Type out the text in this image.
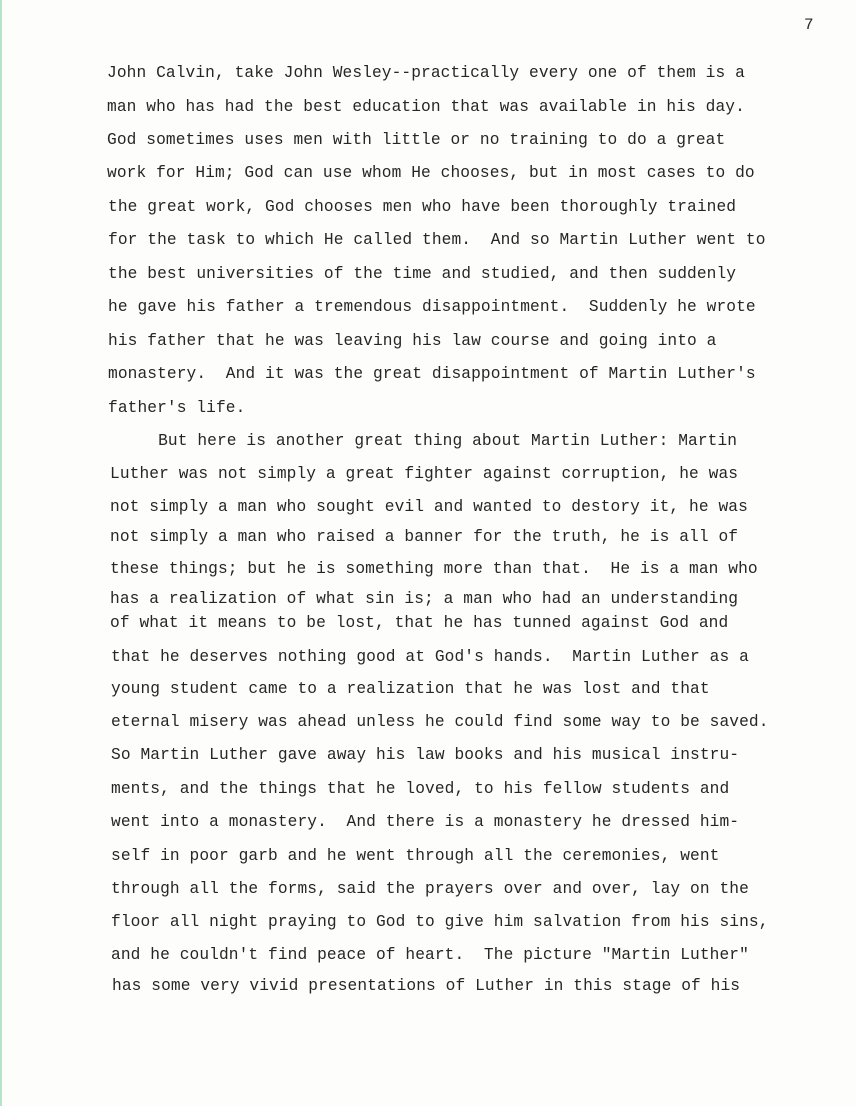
7
John Calvin, take John Wesley--practically every one of them is a
man who has had the best education that was available in his day.
God sometimes uses men with little or no training to do a great
work for Him; God can use whom He chooses, but in most cases to do
the great work, God chooses men who have been thoroughly trained
for the task to which He called them.  And so Martin Luther went to
the best universities of the time and studied, and then suddenly
he gave his father a tremendous disappointment.  Suddenly he wrote
his father that he was leaving his law course and going into a
monastery.  And it was the great disappointment of Martin Luther's
father's life.
But here is another great thing about Martin Luther: Martin
Luther was not simply a great fighter against corruption, he was
not simply a man who sought evil and wanted to destory it, he was
not simply a man who raised a banner for the truth, he is all of
these things; but he is something more than that.  He is a man who
has a realization of what sin is; a man who had an understanding
of what it means to be lost, that he has tunned against God and
that he deserves nothing good at God's hands.  Martin Luther as a
young student came to a realization that he was lost and that
eternal misery was ahead unless he could find some way to be saved.
So Martin Luther gave away his law books and his musical instru-
ments, and the things that he loved, to his fellow students and
went into a monastery.  And there is a monastery he dressed him-
self in poor garb and he went through all the ceremonies, went
through all the forms, said the prayers over and over, lay on the
floor all night praying to God to give him salvation from his sins,
and he couldn't find peace of heart.  The picture "Martin Luther"
has some very vivid presentations of Luther in this stage of his
